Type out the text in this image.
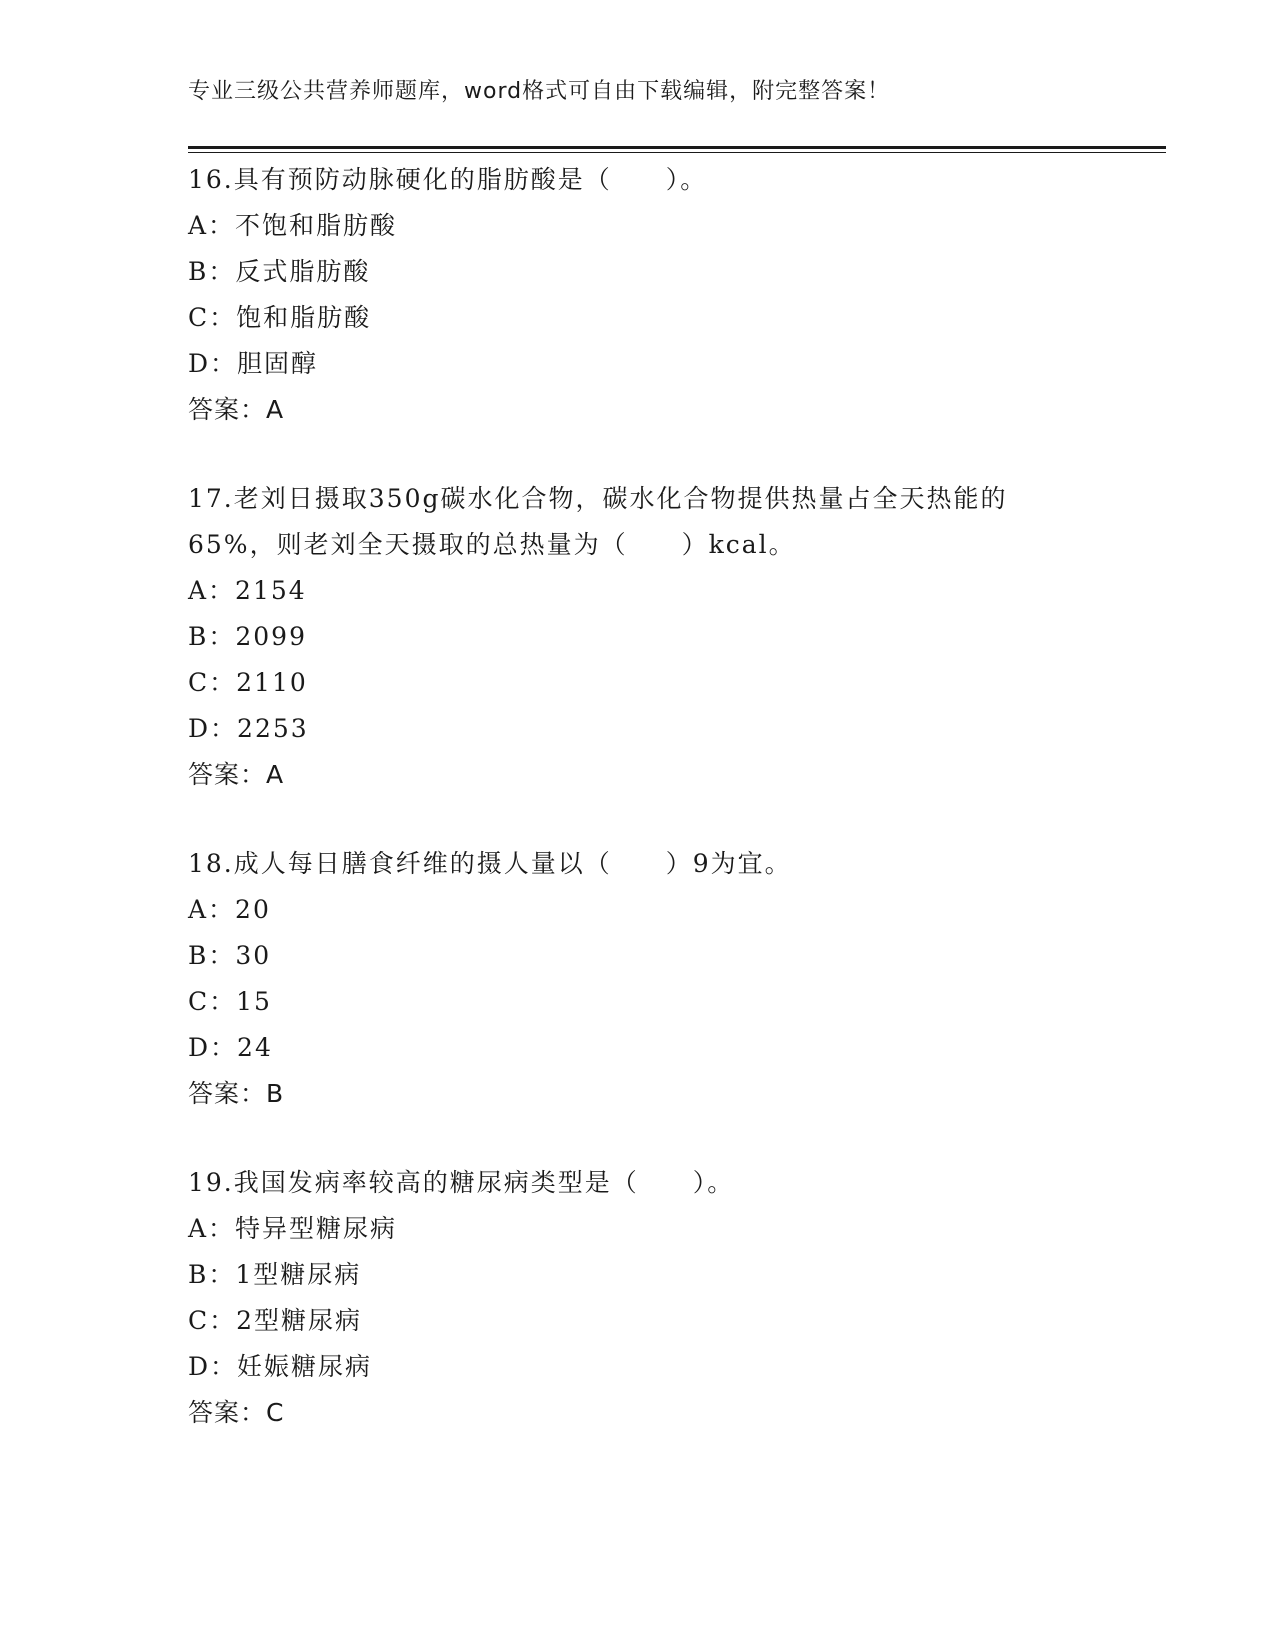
专业三级公共营养师题库，word格式可自由下载编辑，附完整答案！
16.具有预防动脉硬化的脂肪酸是（　　）。
A：不饱和脂肪酸
B：反式脂肪酸
C：饱和脂肪酸
D：胆固醇
答案：A
17.老刘日摄取350g碳水化合物，碳水化合物提供热量占全天热能的
65%，则老刘全天摄取的总热量为（　　）kcal。
A：2154
B：2099
C：2110
D：2253
答案：A
18.成人每日膳食纤维的摄人量以（　　）9为宜。
A：20
B：30
C：15
D：24
答案：B
19.我国发病率较高的糖尿病类型是（　　）。
A：特异型糖尿病
B：1型糖尿病
C：2型糖尿病
D：妊娠糖尿病
答案：C
